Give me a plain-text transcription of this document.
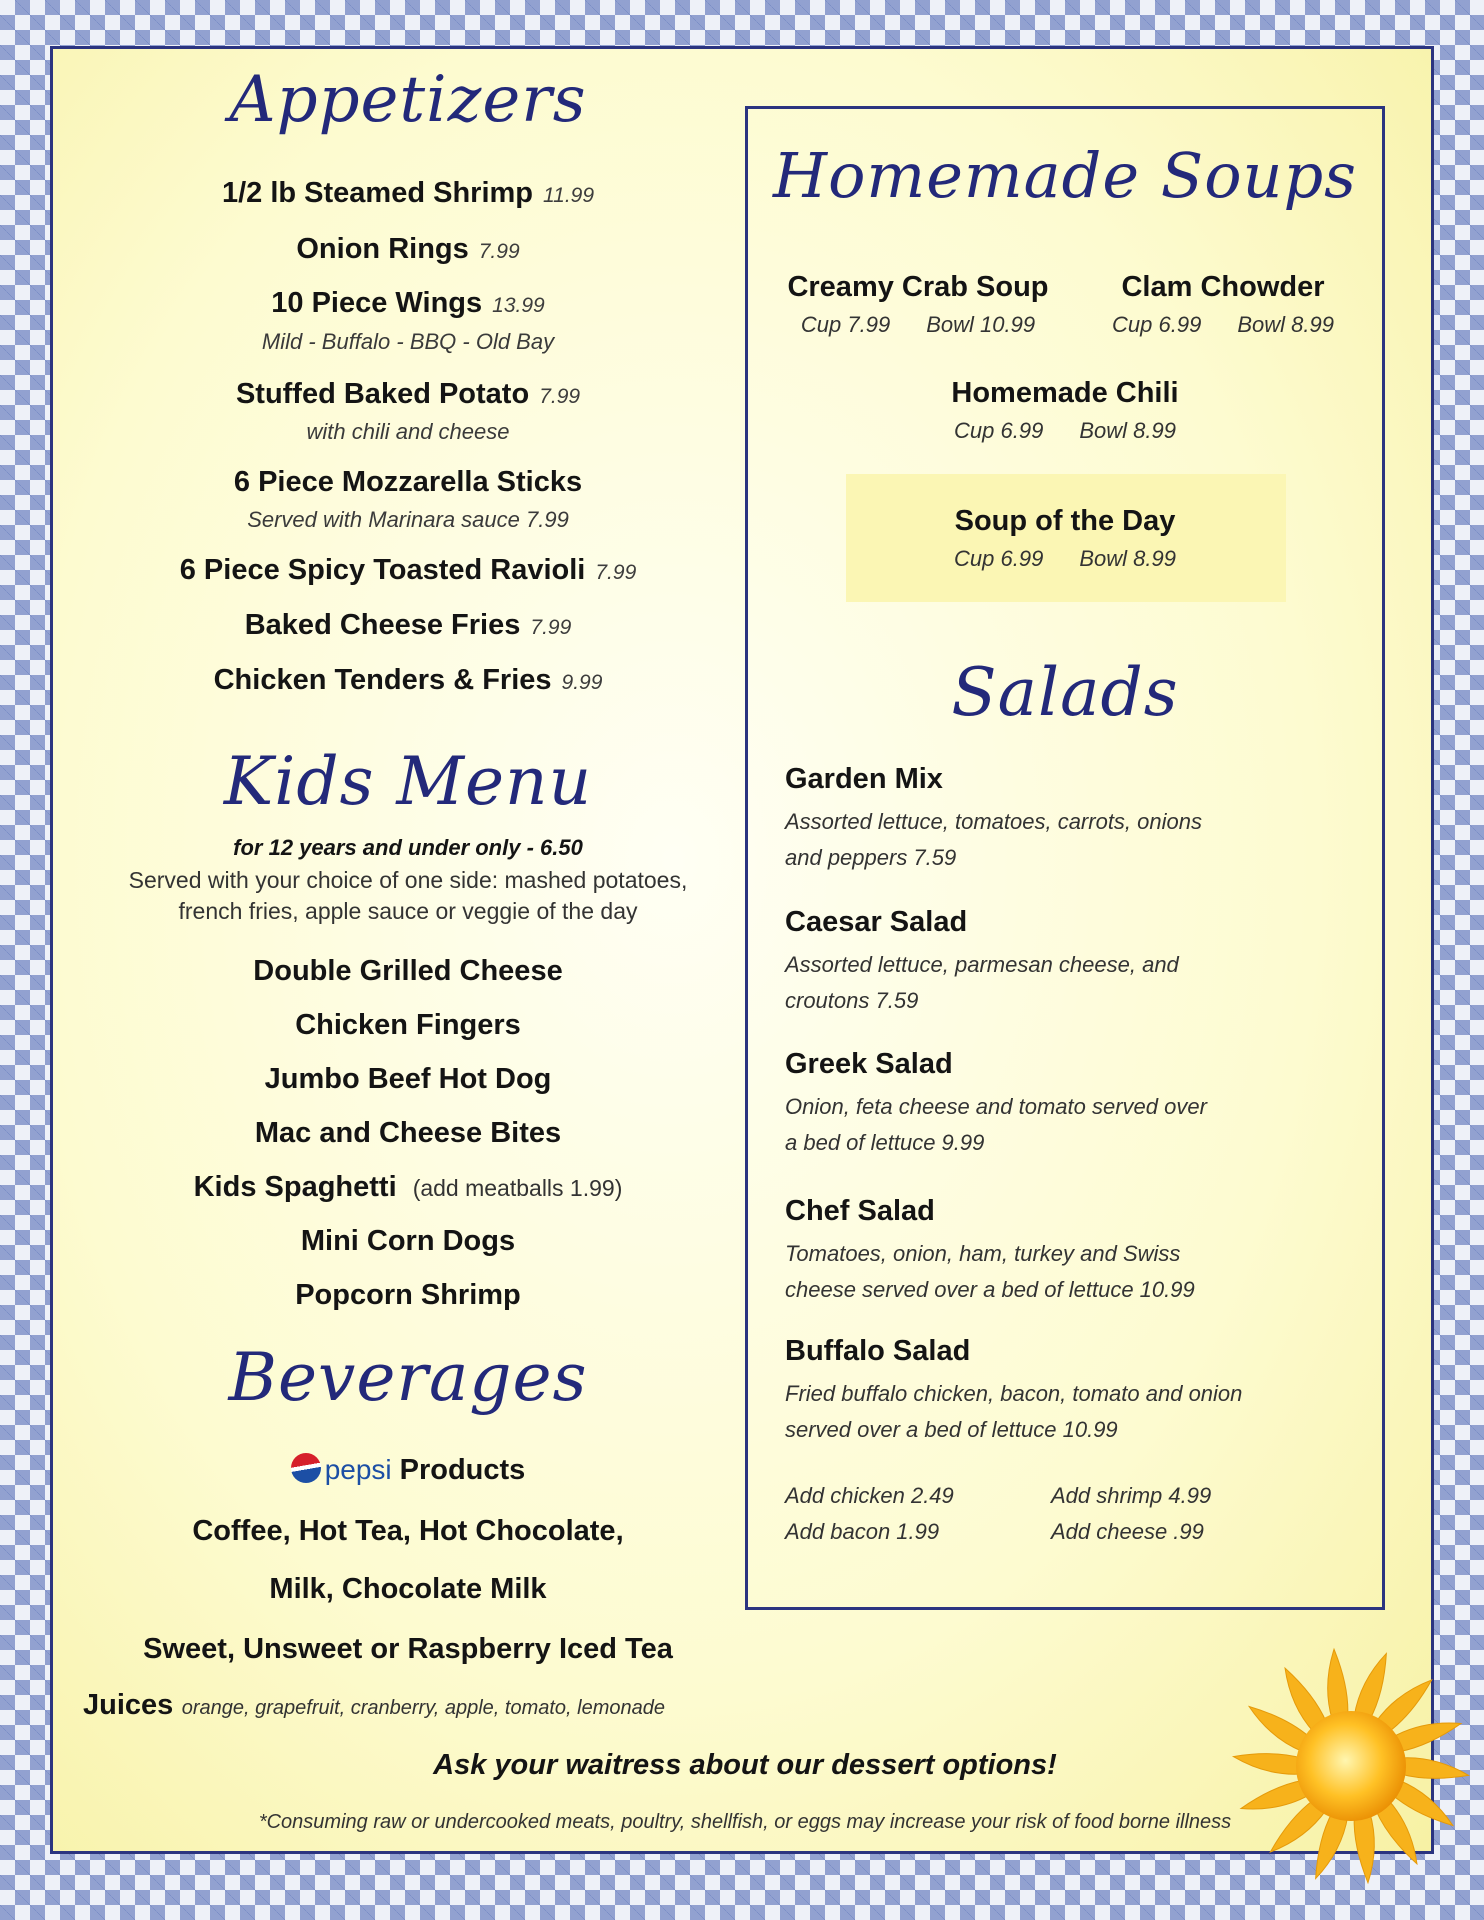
Appetizers
1/2 lb Steamed Shrimp 11.99
Onion Rings 7.99
10 Piece Wings 13.99
Mild - Buffalo - BBQ - Old Bay
Stuffed Baked Potato 7.99
with chili and cheese
6 Piece Mozzarella Sticks
Served with Marinara sauce 7.99
6 Piece Spicy Toasted Ravioli 7.99
Baked Cheese Fries 7.99
Chicken Tenders & Fries 9.99
Kids Menu
for 12 years and under only - 6.50
Served with your choice of one side: mashed potatoes,
french fries, apple sauce or veggie of the day
Double Grilled Cheese
Chicken Fingers
Jumbo Beef Hot Dog
Mac and Cheese Bites
Kids Spaghetti (add meatballs 1.99)
Mini Corn Dogs
Popcorn Shrimp
Beverages
pepsi Products
Coffee, Hot Tea, Hot Chocolate,
Milk, Chocolate Milk
Sweet, Unsweet or Raspberry Iced Tea
Juices orange, grapefruit, cranberry, apple, tomato, lemonade
Homemade Soups
Creamy Crab Soup
Cup 7.99 Bowl 10.99
Clam Chowder
Cup 6.99 Bowl 8.99
Homemade Chili
Cup 6.99 Bowl 8.99
Soup of the Day
Cup 6.99 Bowl 8.99
Salads
Garden Mix
Assorted lettuce, tomatoes, carrots, onions
and peppers 7.59
Caesar Salad
Assorted lettuce, parmesan cheese, and
croutons 7.59
Greek Salad
Onion, feta cheese and tomato served over
a bed of lettuce 9.99
Chef Salad
Tomatoes, onion, ham, turkey and Swiss
cheese served over a bed of lettuce 10.99
Buffalo Salad
Fried buffalo chicken, bacon, tomato and onion
served over a bed of lettuce 10.99
Add chicken 2.49
Add bacon 1.99
Add shrimp 4.99
Add cheese .99
Ask your waitress about our dessert options!
*Consuming raw or undercooked meats, poultry, shellfish, or eggs may increase your risk of food borne illness
